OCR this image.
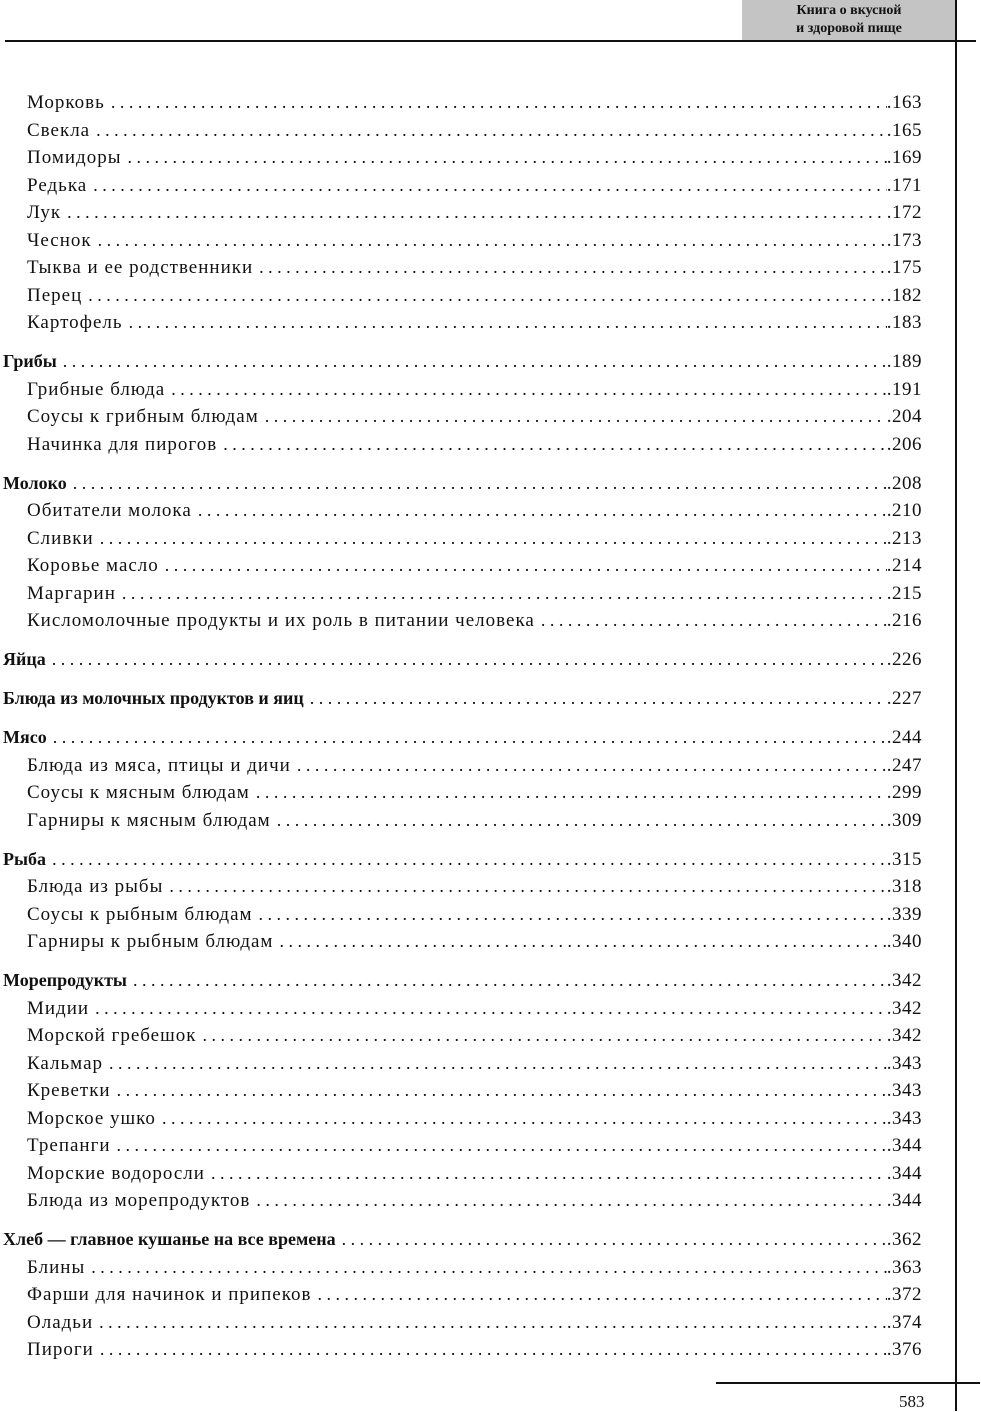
Книга о вкусной
и здоровой пище
Морковь . . .	. 163
Свекла . . .	. 165
Помидоры . . .	. 169
Редька . . .	. 171
Лук . . .	. 172
Чеснок . . .	. 173
Тыква и ее родственники . . .	. 175
Перец . . .	. 182
Картофель . . .	. 183
Грибы . . .	. 189
Грибные блюда . . .	. 191
Соусы к грибным блюдам . . .	. 204
Начинка для пирогов . . .	. 206
Молоко . . .	. 208
Обитатели молока . . .	. 210
Сливки . . .	. 213
Коровье масло . . .	. 214
Маргарин . . .	. 215
Кисломолочные продукты и их роль в питании человека . . .	. 216
Яйца . . .	. 226
Блюда из молочных продуктов и яиц . . .	. 227
Мясо . . .	. 244
Блюда из мяса, птицы и дичи . . .	. 247
Соусы к мясным блюдам . . .	. 299
Гарниры к мясным блюдам . . .	. 309
Рыба . . .	. 315
Блюда из рыбы . . .	. 318
Соусы к рыбным блюдам . . .	. 339
Гарниры к рыбным блюдам . . .	. 340
Морепродукты . . .	. 342
Мидии . . .	. 342
Морской гребешок . . .	. 342
Кальмар . . .	. 343
Креветки . . .	. 343
Морское ушко . . .	. 343
Трепанги . . .	. 344
Морские водоросли . . .	. 344
Блюда из морепродуктов . . .	. 344
Хлеб — главное кушанье на все времена . . .	. 362
Блины . . .	. 363
Фарши для начинок и припеков . . .	. 372
Оладьи . . .	. 374
Пироги . . .	. 376
583
